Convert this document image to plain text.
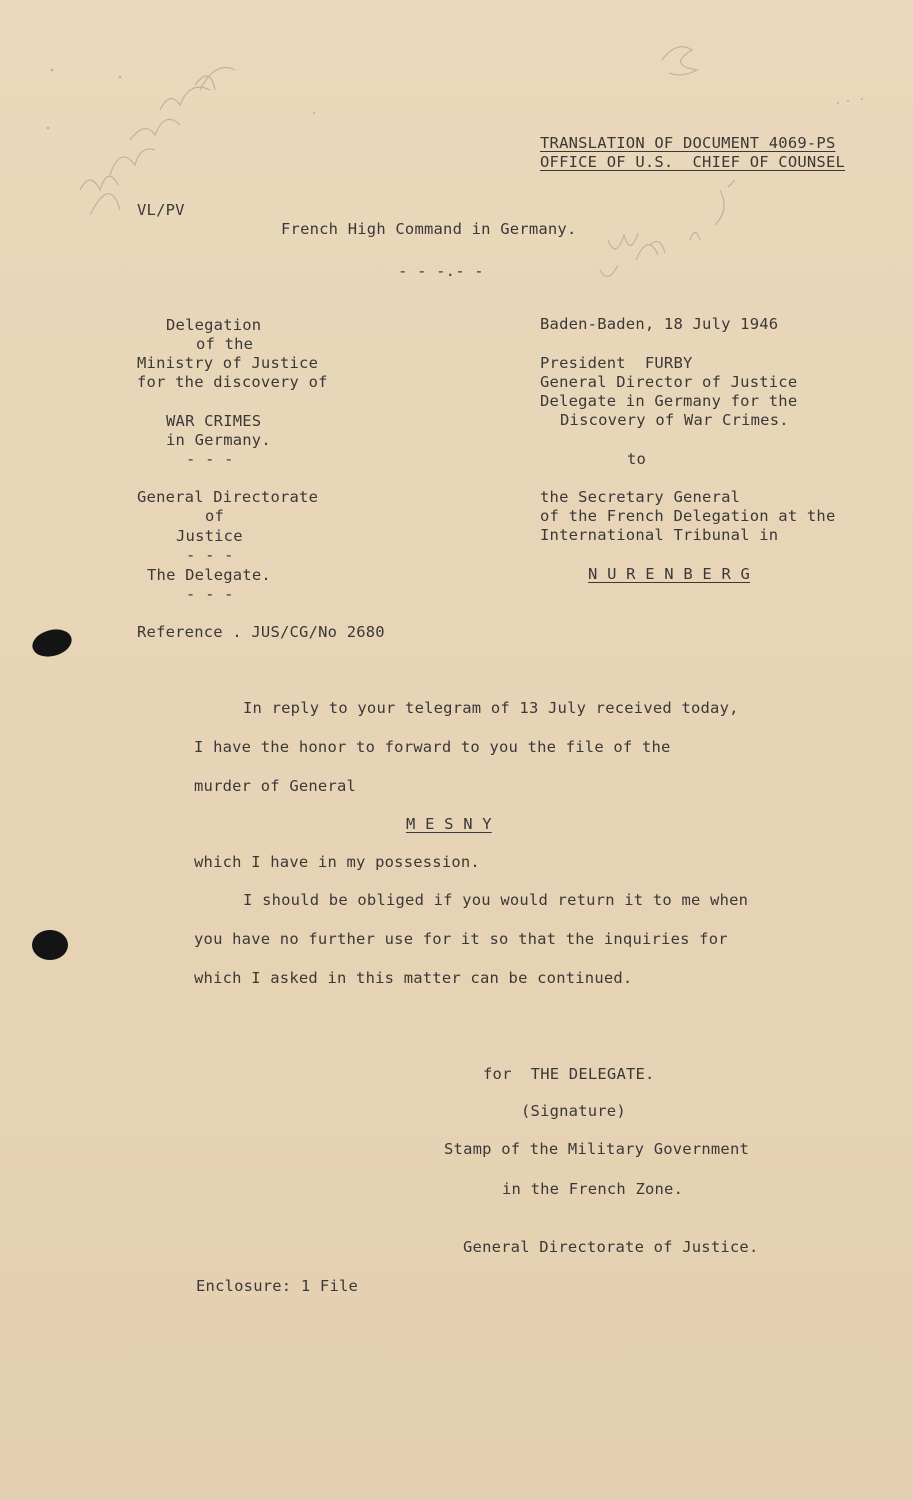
TRANSLATION OF DOCUMENT 4069-PS
OFFICE OF U.S.  CHIEF OF COUNSEL
VL/PV
French High Command in Germany.
- - -.- -
Delegation
of the
Ministry of Justice
for the discovery of
WAR CRIMES
in Germany.
- - -
General Directorate
of
Justice
- - -
The Delegate.
- - -
Baden-Baden, 18 July 1946
President  FURBY
General Director of Justice
Delegate in Germany for the
Discovery of War Crimes.
to
the Secretary General
of the French Delegation at the
International Tribunal in
N U R E N B E R G
Reference . JUS/CG/No 2680
In reply to your telegram of 13 July received today,
I have the honor to forward to you the file of the
murder of General
M E S N Y
which I have in my possession.
I should be obliged if you would return it to me when
you have no further use for it so that the inquiries for
which I asked in this matter can be continued.
for  THE DELEGATE.
(Signature)
Stamp of the Military Government
in the French Zone.
General Directorate of Justice.
Enclosure: 1 File
